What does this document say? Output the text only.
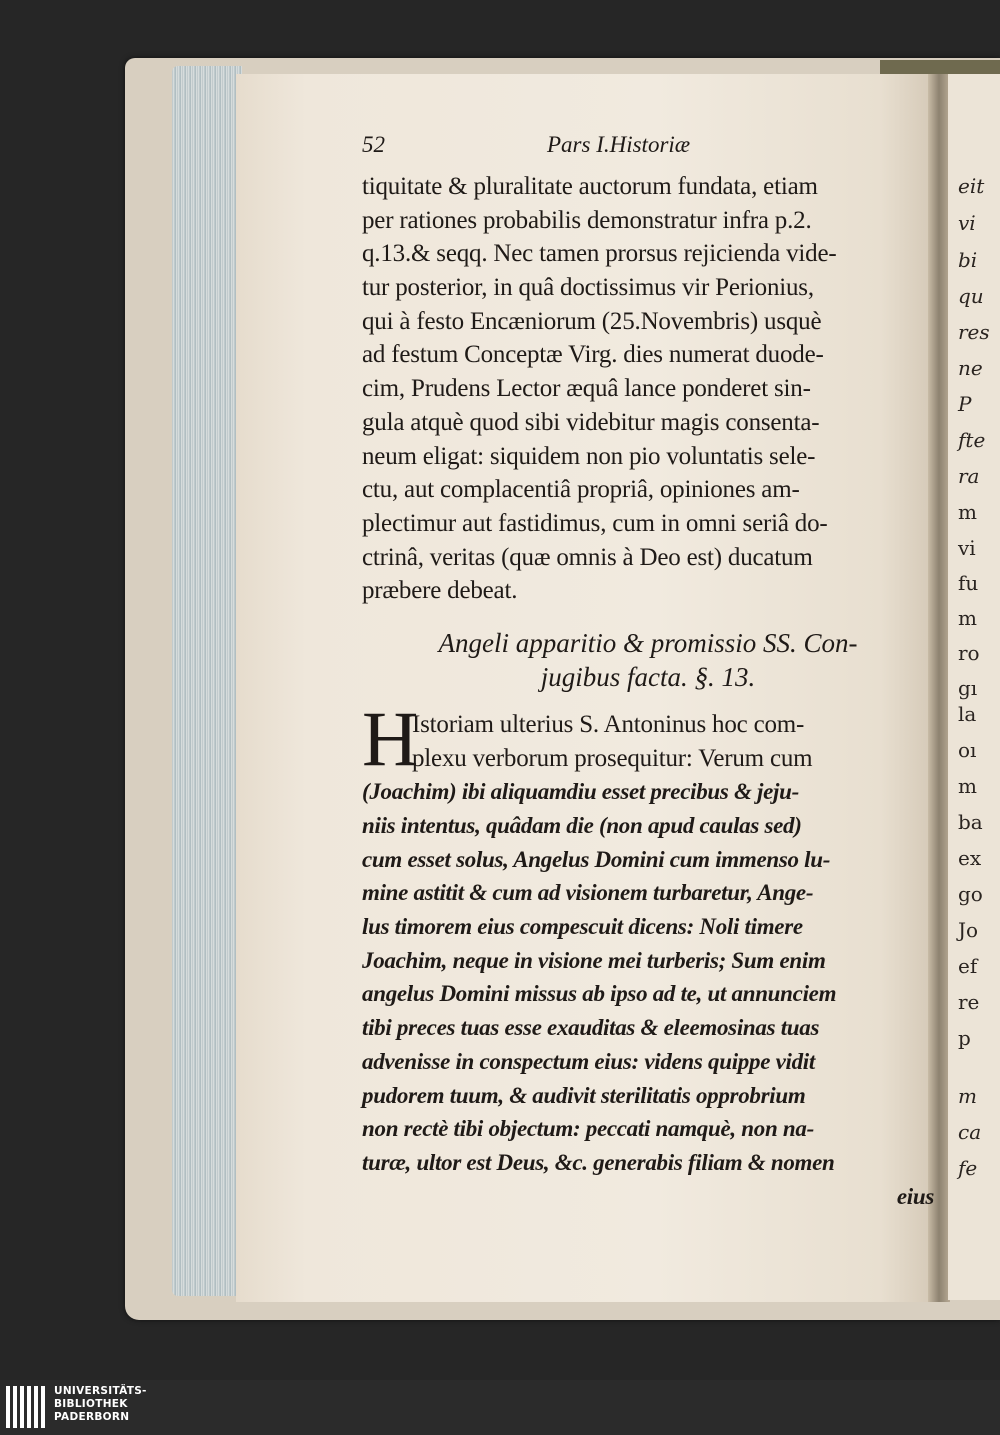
eit
vi
bi
qu
res
ne
P
fte
ra
m
vi
fu
m
ro
gı
la
oı
m
ba
ex
go
Jo
ef
re
p
m
ca
fe
52	Pars I.Historiæ
tiquitate & pluralitate auctorum fundata, etiam
per rationes probabilis demonstratur infra p.2.
q.13.& seqq. Nec tamen prorsus rejicienda vide-
tur posterior, in quâ doctissimus vir Perionius,
qui à festo Encæniorum (25.Novembris) usquè
ad festum Conceptæ Virg. dies numerat duode-
cim, Prudens Lector æquâ lance ponderet sin-
gula atquè quod sibi videbitur magis consenta-
neum eligat: siquidem non pio voluntatis sele-
ctu, aut complacentiâ propriâ, opiniones am-
plectimur aut fastidimus, cum in omni seriâ do-
ctrinâ, veritas (quæ omnis à Deo est) ducatum
præbere debeat.
Angeli apparitio & promissio SS. Con-
jugibus facta. §. 13.
H
Istoriam ulterius S. Antoninus hoc com-
plexu verborum prosequitur: Verum cum
(Joachim) ibi aliquamdiu esset precibus & jeju-
niis intentus, quâdam die (non apud caulas sed)
cum esset solus, Angelus Domini cum immenso lu-
mine astitit & cum ad visionem turbaretur, Ange-
lus timorem eius compescuit dicens: Noli timere
Joachim, neque in visione mei turberis; Sum enim
angelus Domini missus ab ipso ad te, ut annunciem
tibi preces tuas esse exauditas & eleemosinas tuas
advenisse in conspectum eius: videns quippe vidit
pudorem tuum, & audivit sterilitatis opprobrium
non rectè tibi objectum: peccati namquè, non na-
turæ, ultor est Deus, &c. generabis filiam & nomen
eius
UNIVERSITÄTS-
BIBLIOTHEK
PADERBORN
